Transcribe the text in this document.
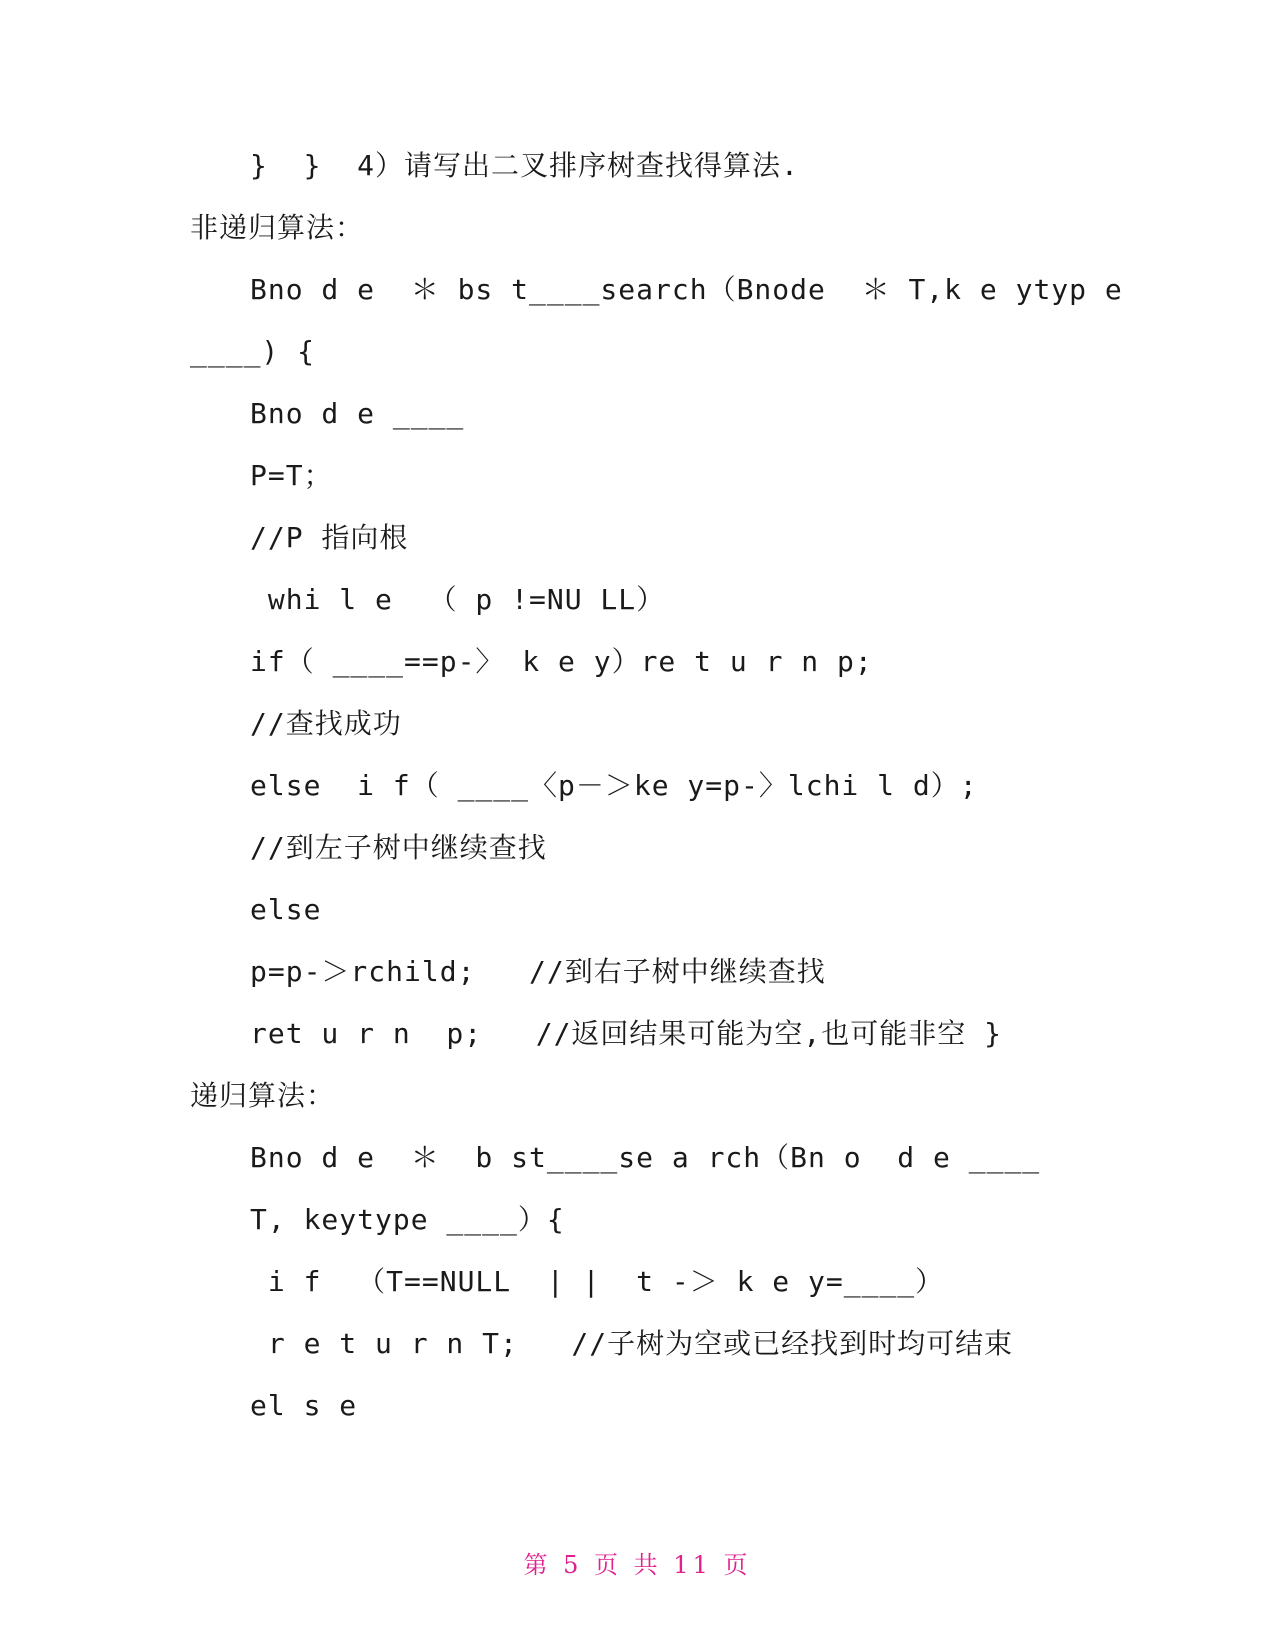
}  }  4）请写出二叉排序树查找得算法.
非递归算法：
Bno d e  ＊ bs t____search（Bnode  ＊ T,k e ytyp e
____) {
Bno d e ____
P=T；
//P 指向根
whi l e  （ p !=NU LL）
if（ ____==p-〉 k e y）re t u r n p;
//查找成功
else  i f（ ____〈p－＞ke y=p-〉lchi l d）;
//到左子树中继续查找
else
p=p-＞rchild;   //到右子树中继续查找
ret u r n  p;   //返回结果可能为空,也可能非空 }
递归算法：
Bno d e  ＊  b st____se a rch（Bn o  d e ____
T, keytype ____）{
i f  （T==NULL  | |  t -＞ k e y=____）
r e t u r n T;   //子树为空或已经找到时均可结束
el s e
第 5 页 共 11 页
